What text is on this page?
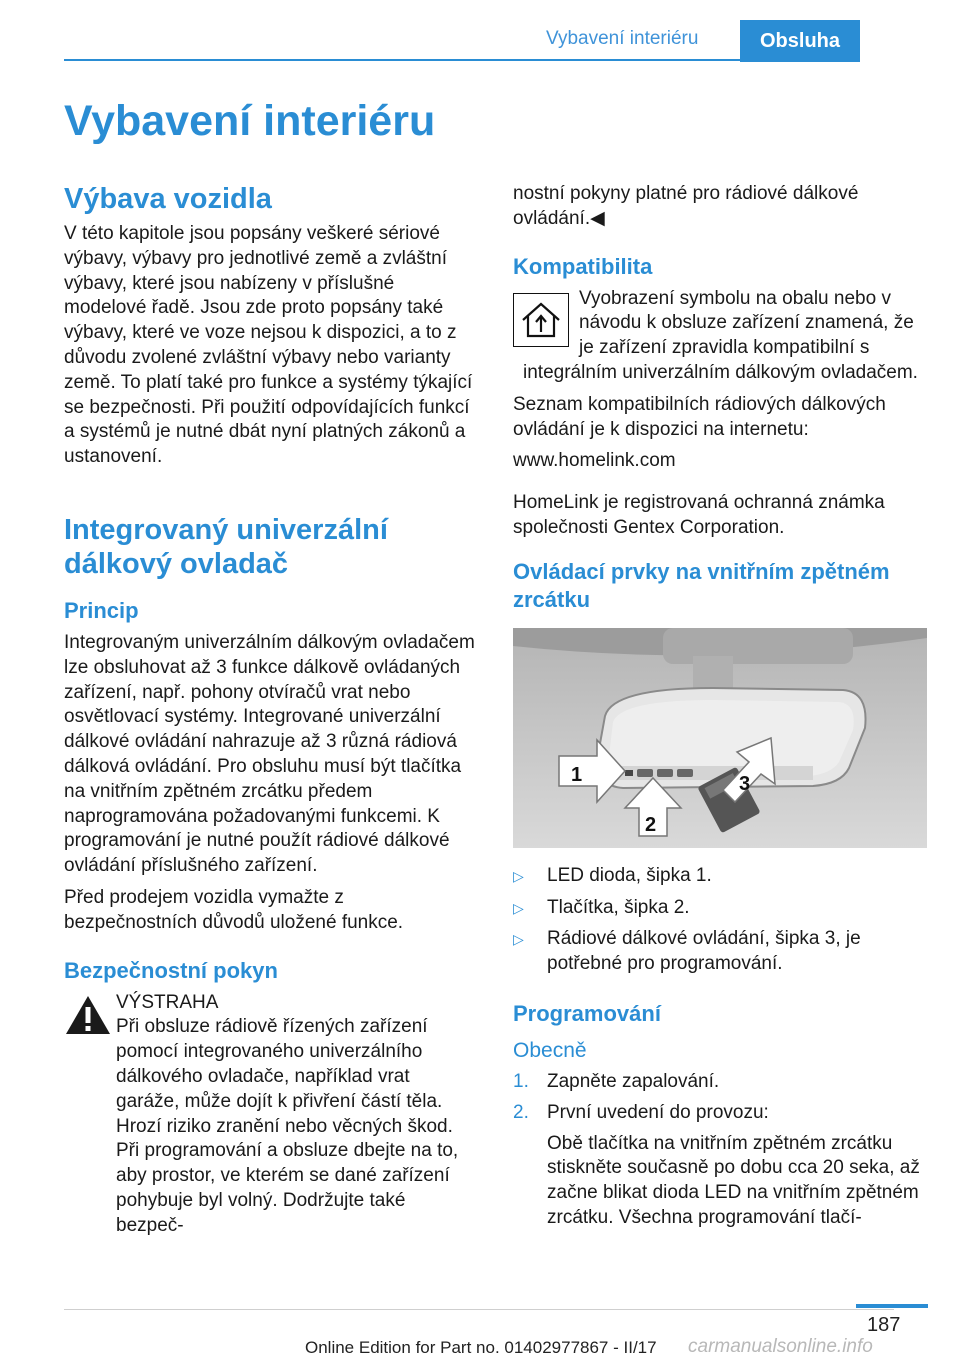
Vybavení interiéru	Obsluha
Vybavení interiéru
Výbava vozidla

V této kapitole jsou popsány veškeré sériové výbavy, výbavy pro jednotlivé země a zvláštní výbavy, které jsou nabízeny v příslušné modelové řadě. Jsou zde proto popsány také výbavy, které ve voze nejsou k dispozici, a to z důvodu zvolené zvláštní výbavy nebo varianty země. To platí také pro funkce a systémy týkající se bezpečnosti. Při použití odpovídajících funkcí a systémů je nutné dbát nyní platných zákonů a ustanovení.

Integrovaný univerzální dálkový ovladač
Princip

Integrovaným univerzálním dálkovým ovladačem lze obsluhovat až 3 funkce dálkově ovládaných zařízení, např. pohony otvíračů vrat nebo osvětlovací systémy. Integrované univerzální dálkové ovládání nahrazuje až 3 různá rádiová dálková ovládání. Pro obsluhu musí být tlačítka na vnitřním zpětném zrcátku předem naprogramována požadovanými funkcemi. K programování je nutné použít rádiové dálkové ovládání příslušného zařízení.

Před prodejem vozidla vymažte z bezpečnostních důvodů uložené funkce.

Bezpečnostní pokyn
VÝSTRAHA
Při obsluze rádiově řízených zařízení pomocí integrovaného univerzálního dálkového ovladače, například vrat garáže, může dojít k přivření částí těla. Hrozí riziko zranění nebo věcných škod. Při programování a obsluze dbejte na to, aby prostor, ve kterém se dané zařízení pohybuje byl volný. Dodržujte také bezpeč‐

nostní pokyny platné pro rádiové dálkové ovládání.◀

Kompatibilita

Vyobrazení symbolu na obalu nebo v návodu k obsluze zařízení znamená, že je zařízení zpravidla kompatibilní s integrálním univerzálním dálkovým ovladačem.

Seznam kompatibilních rádiových dálkových ovládání je k dispozici na internetu:

www.homelink.com

HomeLink je registrovaná ochranná známka společnosti Gentex Corporation.

Ovládací prvky na vnitřním zpětném zrcátku
1
2
3
▷ LED dioda, šipka 1.
▷ Tlačítka, šipka 2.
▷ Rádiové dálkové ovládání, šipka 3, je potřebné pro programování.
Programování
Obecně
1. Zapněte zapalování.
2. První uvedení do provozu:
Obě tlačítka na vnitřním zpětném zrcátku stiskněte současně po dobu cca 20 seka, až začne blikat dioda LED na vnitřním zpětném zrcátku. Všechna programování tlačí‐
187
Online Edition for Part no. 01402977867 - II/17 carmanualsonline.info
